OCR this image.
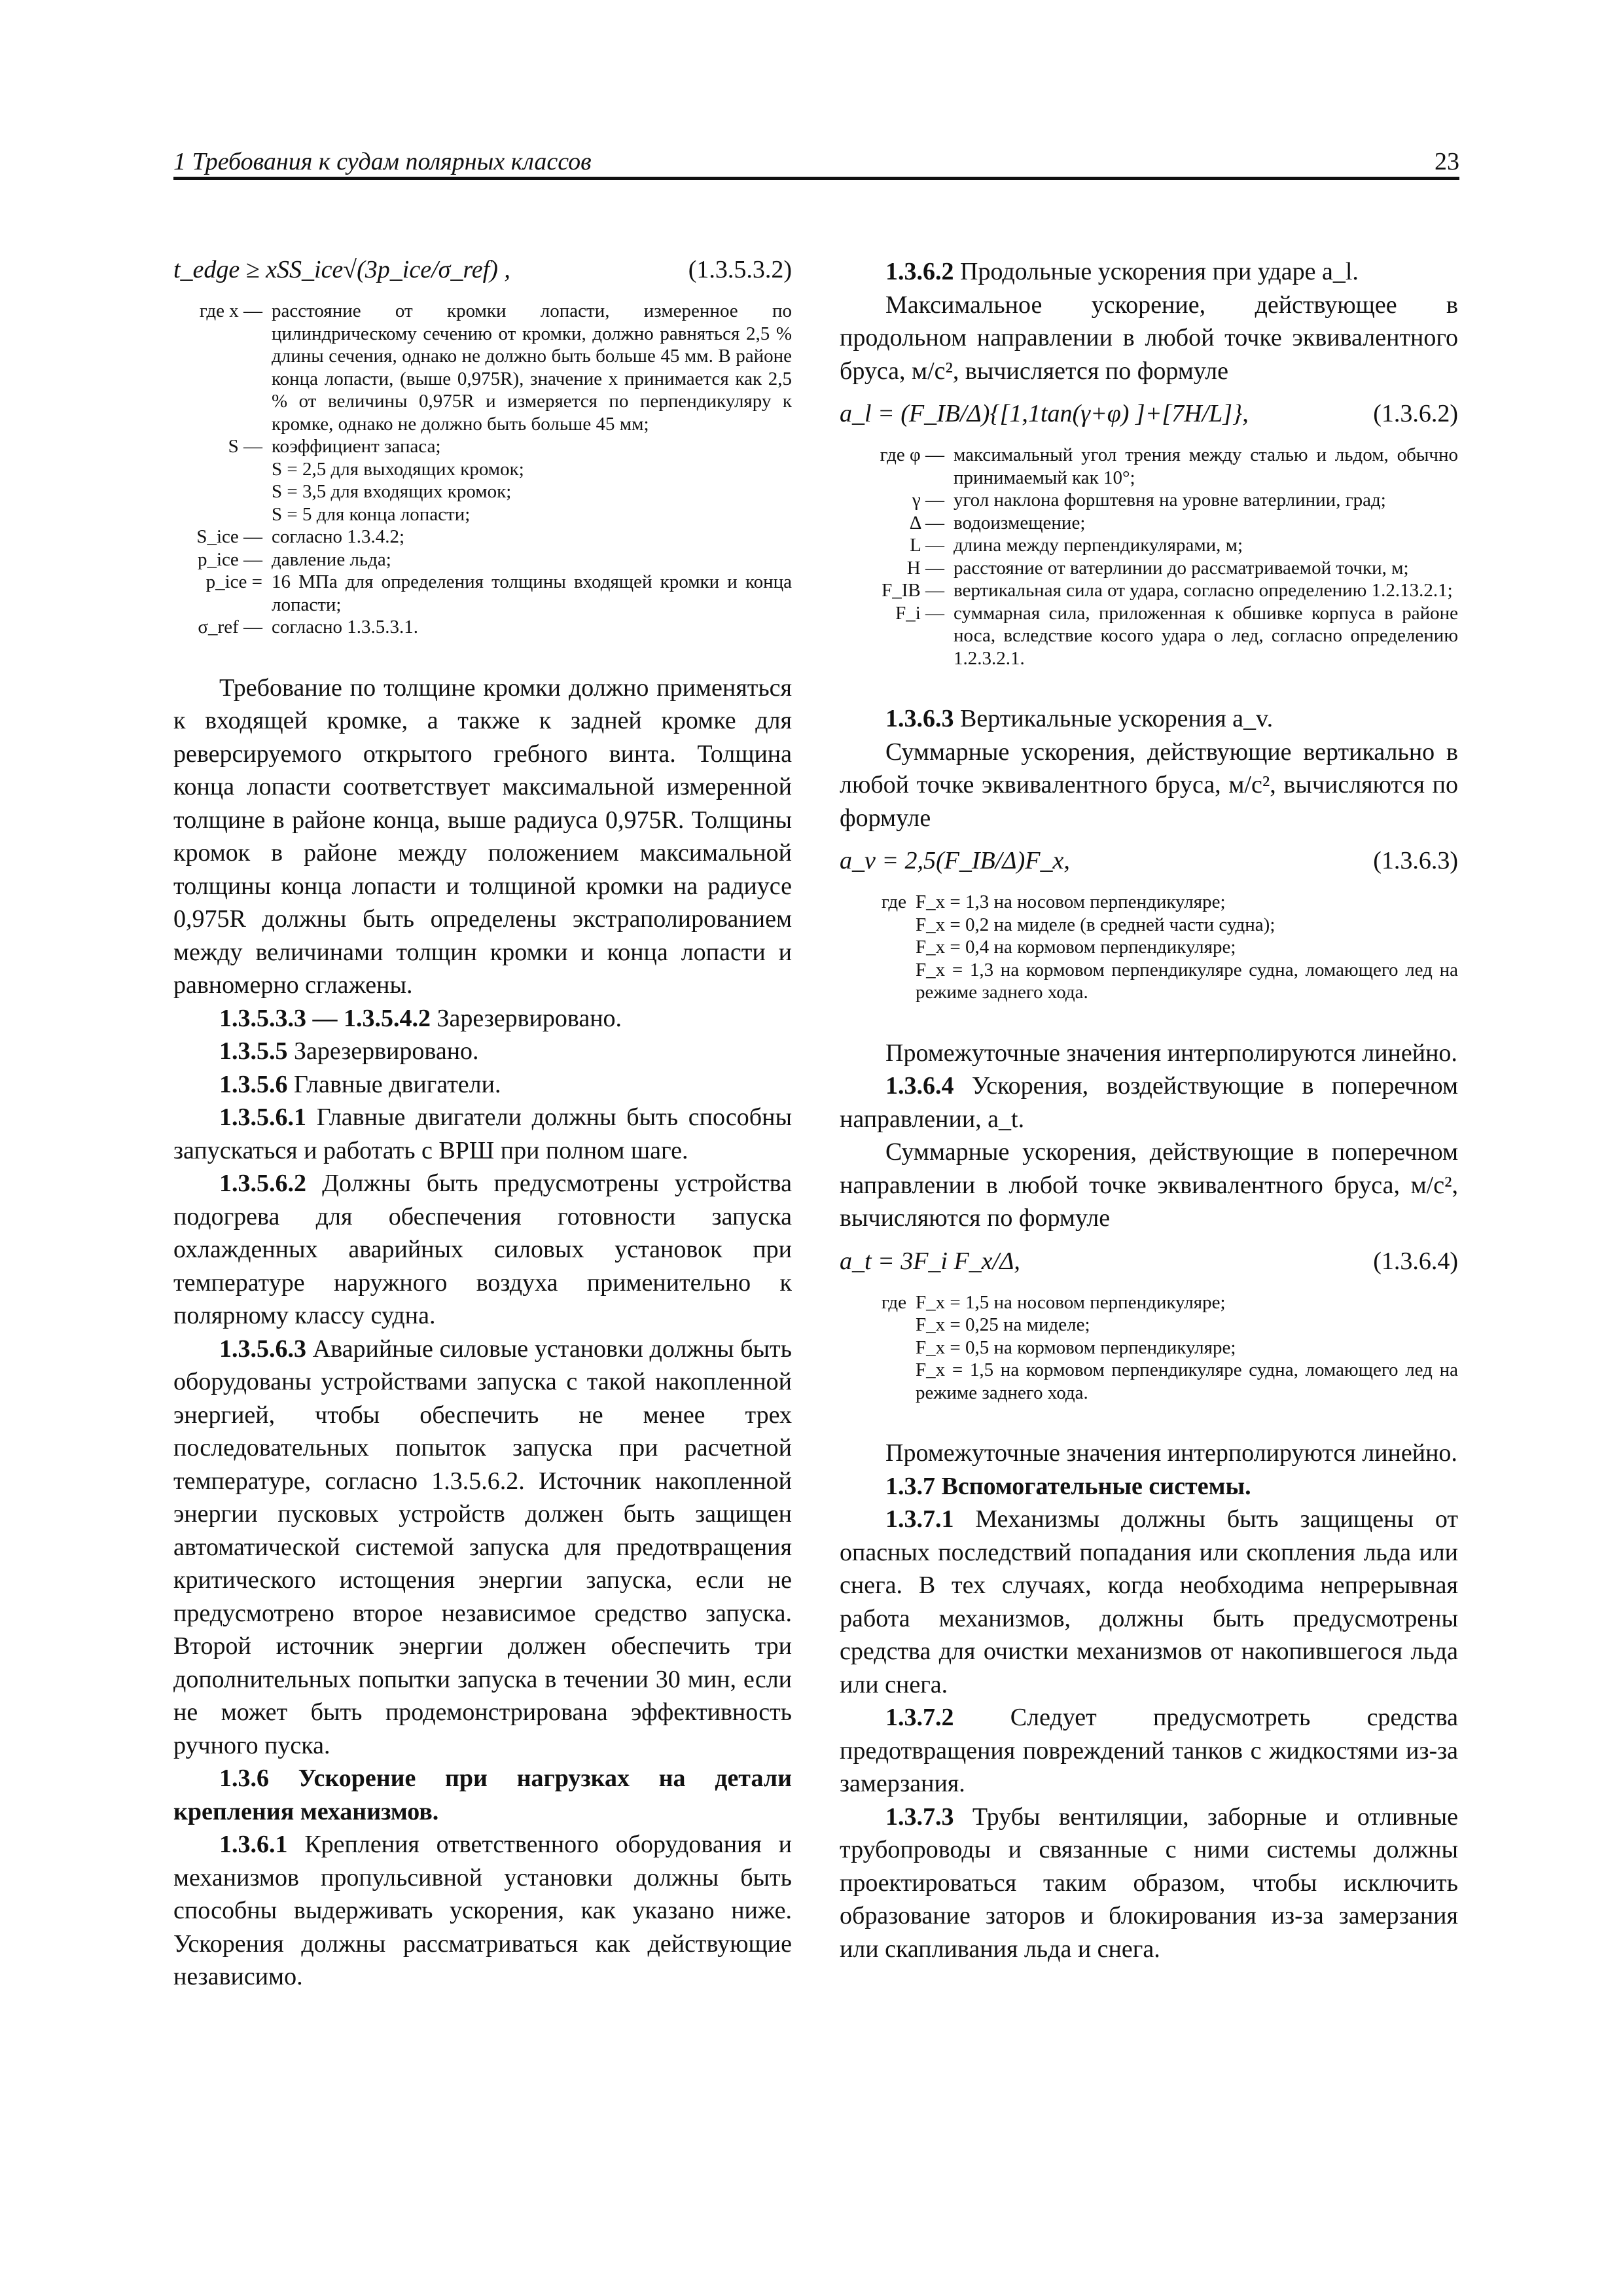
1 Требования к судам полярных классов	23
t_edge ≥ xSS_ice√(3p_ice/σ_ref) ,	(1.3.5.3.2)
где x — расстояние от кромки лопасти, измеренное по цилиндрическому сечению от кромки, должно равняться 2,5 % длины сечения, однако не должно быть больше 45 мм. В районе конца лопасти, (выше 0,975R), значение x принимается как 2,5 % от величины 0,975R и измеряется по перпендикуляру к кромке, однако не должно быть больше 45 мм;
S — коэффициент запаса;
S = 2,5 для выходящих кромок;
S = 3,5 для входящих кромок;
S = 5 для конца лопасти;
S_ice — согласно 1.3.4.2;
p_ice — давление льда;
p_ice = 16 МПа для определения толщины входящей кромки и конца лопасти;
σ_ref — согласно 1.3.5.3.1.

Требование по толщине кромки должно применяться к входящей кромке, а также к задней кромке для реверсируемого открытого гребного винта. Толщина конца лопасти соответствует максимальной измеренной толщине в районе конца, выше радиуса 0,975R. Толщины кромок в районе между положением максимальной толщины конца лопасти и толщиной кромки на радиусе 0,975R должны быть определены экстраполированием между величинами толщин кромки и конца лопасти и равномерно сглажены.

1.3.5.3.3 — 1.3.5.4.2 Зарезервировано.

1.3.5.5 Зарезервировано.

1.3.5.6 Главные двигатели.

1.3.5.6.1 Главные двигатели должны быть способны запускаться и работать с ВРШ при полном шаге.

1.3.5.6.2 Должны быть предусмотрены устройства подогрева для обеспечения готовности запуска охлажденных аварийных силовых установок при температуре наружного воздуха применительно к полярному классу судна.

1.3.5.6.3 Аварийные силовые установки должны быть оборудованы устройствами запуска с такой накопленной энергией, чтобы обеспечить не менее трех последовательных попыток запуска при расчетной температуре, согласно 1.3.5.6.2. Источник накопленной энергии пусковых устройств должен быть защищен автоматической системой запуска для предотвращения критического истощения энергии запуска, если не предусмотрено второе независимое средство запуска. Второй источник энергии должен обеспечить три дополнительных попытки запуска в течении 30 мин, если не может быть продемонстрирована эффективность ручного пуска.

1.3.6 Ускорение при нагрузках на детали крепления механизмов.

1.3.6.1 Крепления ответственного оборудования и механизмов пропульсивной установки должны быть способны выдерживать ускорения, как указано ниже. Ускорения должны рассматриваться как действующие независимо.

1.3.6.2 Продольные ускорения при ударе a_l.

Максимальное ускорение, действующее в продольном направлении в любой точке эквивалентного бруса, м/с², вычисляется по формуле

a_l = (F_IB/Δ){[1,1tan(γ+φ) ]+[7H/L]},	(1.3.6.2)
где φ — максимальный угол трения между сталью и льдом, обычно принимаемый как 10°;
γ — угол наклона форштевня на уровне ватерлинии, град;
Δ — водоизмещение;
L — длина между перпендикулярами, м;
H — расстояние от ватерлинии до рассматриваемой точки, м;
F_IB — вертикальная сила от удара, согласно определению 1.2.13.2.1;
F_i — суммарная сила, приложенная к обшивке корпуса в районе носа, вследствие косого удара о лед, согласно определению 1.2.3.2.1.

1.3.6.3 Вертикальные ускорения a_v.

Суммарные ускорения, действующие вертикально в любой точке эквивалентного бруса, м/с², вычисляются по формуле

a_v = 2,5(F_IB/Δ)F_x,	(1.3.6.3)
где F_x = 1,3 на носовом перпендикуляре;
F_x = 0,2 на миделе (в средней части судна);
F_x = 0,4 на кормовом перпендикуляре;
F_x = 1,3 на кормовом перпендикуляре судна, ломающего лед на режиме заднего хода.

Промежуточные значения интерполируются линейно.

1.3.6.4 Ускорения, воздействующие в поперечном направлении, a_t.

Суммарные ускорения, действующие в поперечном направлении в любой точке эквивалентного бруса, м/с², вычисляются по формуле

a_t = 3F_i F_x/Δ,	(1.3.6.4)
где F_x = 1,5 на носовом перпендикуляре;
F_x = 0,25 на миделе;
F_x = 0,5 на кормовом перпендикуляре;
F_x = 1,5 на кормовом перпендикуляре судна, ломающего лед на режиме заднего хода.

Промежуточные значения интерполируются линейно.

1.3.7 Вспомогательные системы.

1.3.7.1 Механизмы должны быть защищены от опасных последствий попадания или скопления льда или снега. В тех случаях, когда необходима непрерывная работа механизмов, должны быть предусмотрены средства для очистки механизмов от накопившегося льда или снега.

1.3.7.2 Следует предусмотреть средства предотвращения повреждений танков с жидкостями из-за замерзания.

1.3.7.3 Трубы вентиляции, заборные и отливные трубопроводы и связанные с ними системы должны проектироваться таким образом, чтобы исключить образование заторов и блокирования из-за замерзания или скапливания льда и снега.
